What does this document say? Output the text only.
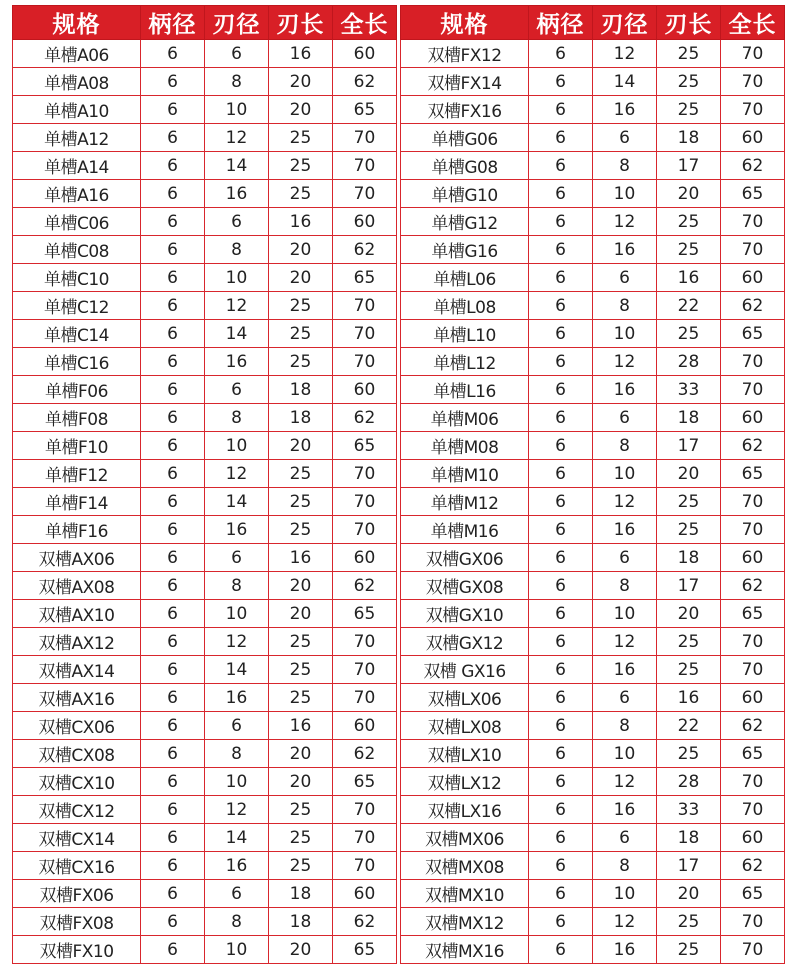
规格	柄径	刃径	刃长	全长
单槽A06	6	6	16	60
单槽A08	6	8	20	62
单槽A10	6	10	20	65
单槽A12	6	12	25	70
单槽A14	6	14	25	70
单槽A16	6	16	25	70
单槽C06	6	6	16	60
单槽C08	6	8	20	62
单槽C10	6	10	20	65
单槽C12	6	12	25	70
单槽C14	6	14	25	70
单槽C16	6	16	25	70
单槽F06	6	6	18	60
单槽F08	6	8	18	62
单槽F10	6	10	20	65
单槽F12	6	12	25	70
单槽F14	6	14	25	70
单槽F16	6	16	25	70
双槽AX06	6	6	16	60
双槽AX08	6	8	20	62
双槽AX10	6	10	20	65
双槽AX12	6	12	25	70
双槽AX14	6	14	25	70
双槽AX16	6	16	25	70
双槽CX06	6	6	16	60
双槽CX08	6	8	20	62
双槽CX10	6	10	20	65
双槽CX12	6	12	25	70
双槽CX14	6	14	25	70
双槽CX16	6	16	25	70
双槽FX06	6	6	18	60
双槽FX08	6	8	18	62
双槽FX10	6	10	20	65
规格	柄径	刃径	刃长	全长
双槽FX12	6	12	25	70
双槽FX14	6	14	25	70
双槽FX16	6	16	25	70
单槽G06	6	6	18	60
单槽G08	6	8	17	62
单槽G10	6	10	20	65
单槽G12	6	12	25	70
单槽G16	6	16	25	70
单槽L06	6	6	16	60
单槽L08	6	8	22	62
单槽L10	6	10	25	65
单槽L12	6	12	28	70
单槽L16	6	16	33	70
单槽M06	6	6	18	60
单槽M08	6	8	17	62
单槽M10	6	10	20	65
单槽M12	6	12	25	70
单槽M16	6	16	25	70
双槽GX06	6	6	18	60
双槽GX08	6	8	17	62
双槽GX10	6	10	20	65
双槽GX12	6	12	25	70
双槽 GX16	6	16	25	70
双槽LX06	6	6	16	60
双槽LX08	6	8	22	62
双槽LX10	6	10	25	65
双槽LX12	6	12	28	70
双槽LX16	6	16	33	70
双槽MX06	6	6	18	60
双槽MX08	6	8	17	62
双槽MX10	6	10	20	65
双槽MX12	6	12	25	70
双槽MX16	6	16	25	70
